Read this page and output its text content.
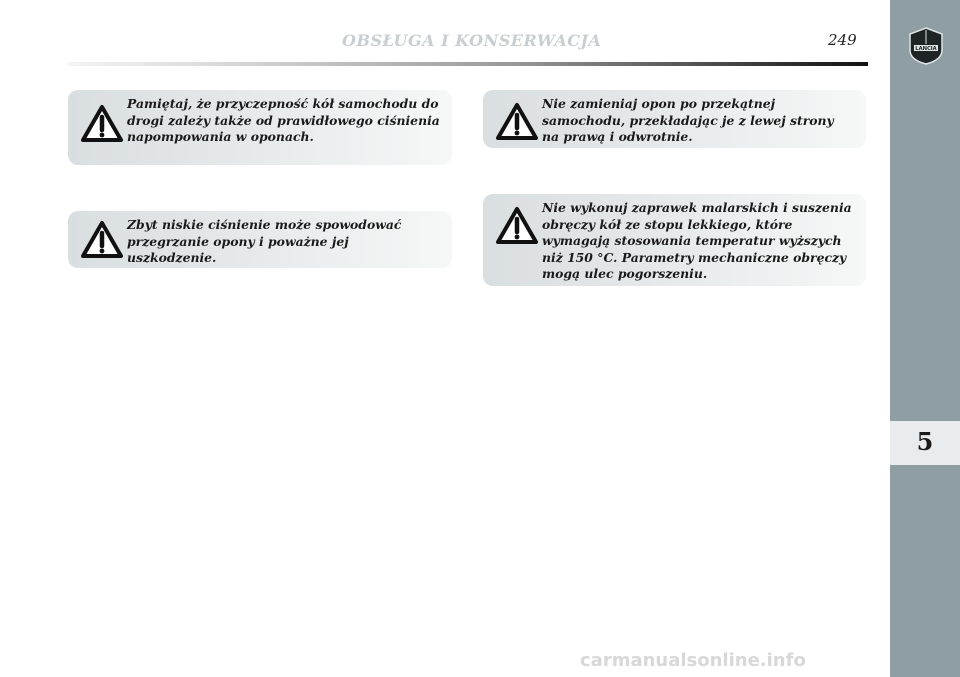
OBSŁUGA I KONSERWACJA	249	LANCIA
5
Pamiętaj, że przyczepność kół samochodu do drogi zależy także od prawidłowego ciśnienia napompowania w oponach.
Zbyt niskie ciśnienie może spowodować przegrzanie opony i poważne jej uszkodzenie.
Nie zamieniaj opon po przekątnej samochodu, przekładając je z lewej strony na prawą i odwrotnie.
Nie wykonuj zaprawek malarskich i suszenia obręczy kół ze stopu lekkiego, które wymagają stosowania temperatur wyższych niż 150 °C. Parametry mechaniczne obręczy mogą ulec pogorszeniu.
carmanualsonline.info
